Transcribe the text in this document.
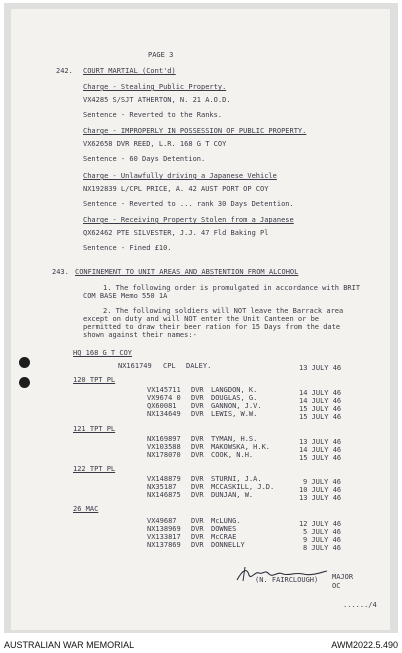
PAGE 3
242. COURT MARTIAL (Cont'd)
Charge - Stealing Public Property.
VX4285 S/SJT ATHERTON, N. 21 A.O.D.
Sentence - Reverted to the Ranks.
Charge - IMPROPERLY IN POSSESSION OF PUBLIC PROPERTY.
VX62658 DVR REED, L.R. 168 G T COY
Sentence - 60 Days Detention.
Charge - Unlawfully driving a Japanese Vehicle
NX192839 L/CPL PRICE, A. 42 AUST PORT OP COY
Sentence - Reverted to ... rank 30 Days Detention.
Charge - Receiving Property Stolen from a Japanese
QX62462 PTE SILVESTER, J.J. 47 Fld Baking Pl
Sentence - Fined £10.
243. CONFINEMENT TO UNIT AREAS AND ABSTENTION FROM ALCOHOL
1. The following order is promulgated in accordance with BRIT
COM BASE Memo 550 1A
2. The following soldiers will NOT leave the Barrack area
except on duty and will NOT enter the Unit Canteen or be
permitted to draw their beer ration for 15 Days from the date
shown against their names:-
HQ 168 G T COY
NX161749 CPL DALEY.	13 JULY 46
120 TPT PL
VX145711 DVR LANGDON, K.	14 JULY 46
VX9674 0 DVR DOUGLAS, G.	14 JULY 46
QX60081 DVR GANNON, J.V.	15 JULY 46
NX134649 DVR LEWIS, W.W.	15 JULY 46
121 TPT PL
NX169897 DVR TYMAN, H.S.	13 JULY 46
VX103588 DVR MAKOWSKA, H.K.	14 JULY 46
NX178070 DVR COOK, N.H.	15 JULY 46
122 TPT PL
VX148879 DVR STURNI, J.A.	9 JULY 46
NX35187 DVR MCCASKILL, J.D.	10 JULY 46
NX146875 DVR DUNJAN, W.	13 JULY 46
26 MAC
VX49687 DVR McLUNG.	12 JULY 46
NX138969 DVR DOWNES	5 JULY 46
VX133817 DVR McCRAE	9 JULY 46
NX137869 DVR DONNELLY	8 JULY 46
(N. FAIRCLOUGH) MAJOR
OC
....../4
AUSTRALIAN WAR MEMORIAL	AWM2022.5.490
